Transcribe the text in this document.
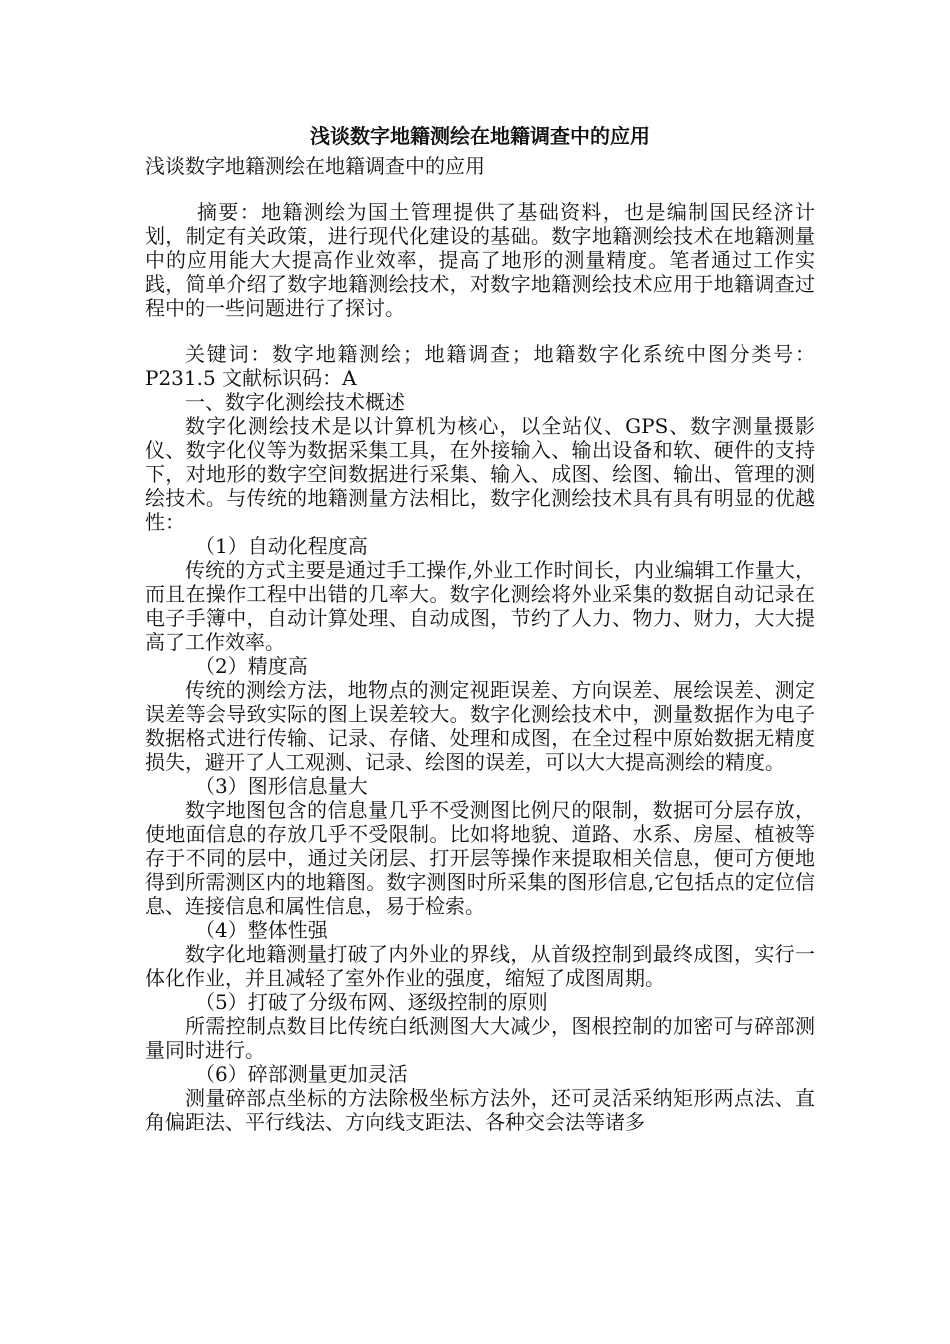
浅谈数字地籍测绘在地籍调查中的应用

浅谈数字地籍测绘在地籍调查中的应用

摘要：地籍测绘为国土管理提供了基础资料，也是编制国民经济计划，制定有关政策，进行现代化建设的基础。数字地籍测绘技术在地籍测量中的应用能大大提高作业效率，提高了地形的测量精度。笔者通过工作实践，简单介绍了数字地籍测绘技术，对数字地籍测绘技术应用于地籍调查过程中的一些问题进行了探讨。

关键词：数字地籍测绘；地籍调查；地籍数字化系统中图分类号：P231.5 文献标识码：A

一、数字化测绘技术概述

数字化测绘技术是以计算机为核心，以全站仪、GPS、数字测量摄影仪、数字化仪等为数据采集工具，在外接输入、输出设备和软、硬件的支持下，对地形的数字空间数据进行采集、输入、成图、绘图、输出、管理的测绘技术。与传统的地籍测量方法相比，数字化测绘技术具有具有明显的优越性：

（1）自动化程度高

传统的方式主要是通过手工操作,外业工作时间长，内业编辑工作量大，而且在操作工程中出错的几率大。数字化测绘将外业采集的数据自动记录在电子手簿中，自动计算处理、自动成图，节约了人力、物力、财力，大大提高了工作效率。

（2）精度高

传统的测绘方法，地物点的测定视距误差、方向误差、展绘误差、测定误差等会导致实际的图上误差较大。数字化测绘技术中，测量数据作为电子数据格式进行传输、记录、存储、处理和成图，在全过程中原始数据无精度损失，避开了人工观测、记录、绘图的误差，可以大大提高测绘的精度。

（3）图形信息量大

数字地图包含的信息量几乎不受测图比例尺的限制，数据可分层存放，使地面信息的存放几乎不受限制。比如将地貌、道路、水系、房屋、植被等存于不同的层中，通过关闭层、打开层等操作来提取相关信息，便可方便地得到所需测区内的地籍图。数字测图时所采集的图形信息,它包括点的定位信息、连接信息和属性信息，易于检索。

（4）整体性强

数字化地籍测量打破了内外业的界线，从首级控制到最终成图，实行一体化作业，并且减轻了室外作业的强度，缩短了成图周期。

（5）打破了分级布网、逐级控制的原则

所需控制点数目比传统白纸测图大大减少，图根控制的加密可与碎部测量同时进行。

（6）碎部测量更加灵活

测量碎部点坐标的方法除极坐标方法外，还可灵活采纳矩形两点法、直角偏距法、平行线法、方向线支距法、各种交会法等诸多
